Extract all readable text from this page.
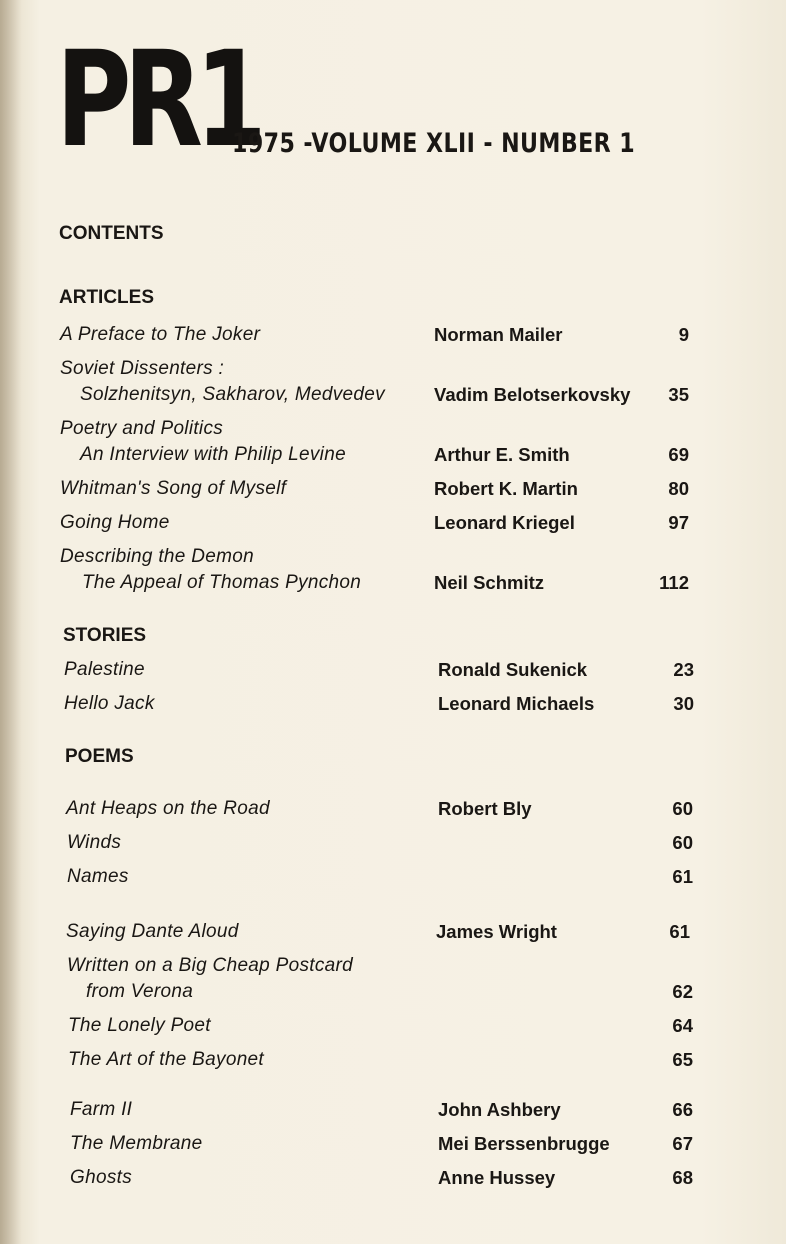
PR1
1975 -VOLUME XLII - NUMBER 1
CONTENTS
ARTICLES
A Preface to The Joker	Norman Mailer	9
Soviet Dissenters :
Solzhenitsyn, Sakharov, Medvedev	Vadim Belotserkovsky	35
Poetry and Politics
An Interview with Philip Levine	Arthur E. Smith	69
Whitman's Song of Myself	Robert K. Martin	80
Going Home	Leonard Kriegel	97
Describing the Demon
The Appeal of Thomas Pynchon	Neil Schmitz	112
STORIES
Palestine	Ronald Sukenick	23
Hello Jack	Leonard Michaels	30
POEMS
Ant Heaps on the Road	Robert Bly	60
Winds	60
Names	61
Saying Dante Aloud	James Wright	61
Written on a Big Cheap Postcard
from Verona	62
The Lonely Poet	64
The Art of the Bayonet	65
Farm II	John Ashbery	66
The Membrane	Mei Berssenbrugge	67
Ghosts	Anne Hussey	68
